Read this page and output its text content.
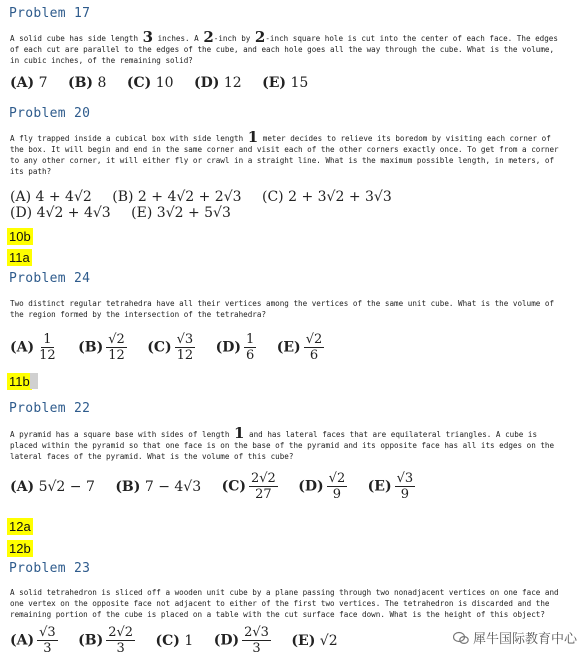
Problem 17
A solid cube has side length 3 inches. A 2-inch by 2-inch square hole is cut into the center of each face. The edges of each cut are parallel to the edges of the cube, and each hole goes all the way through the cube. What is the volume, in cubic inches, of the remaining solid?
(A) 7 (B) 8 (C) 10 (D) 12 (E) 15
Problem 20
A fly trapped inside a cubical box with side length 1 meter decides to relieve its boredom by visiting each corner of the box. It will begin and end in the same corner and visit each of the other corners exactly once. To get from a corner to any other corner, it will either fly or crawl in a straight line. What is the maximum possible length, in meters, of its path?
(A) 4 + 4√2 (B) 2 + 4√2 + 2√3 (C) 2 + 3√2 + 3√3
(D) 4√2 + 4√3 (E) 3√2 + 5√3
10b
11a
Problem 24
Two distinct regular tetrahedra have all their vertices among the vertices of the same unit cube. What is the volume of the region formed by the intersection of the tetrahedra?
$(A) \frac{1}{12} (B) \frac{√2}{12} (C) \frac{√3}{12} (D) \frac{1}{6} (E) \frac{√2}{6}$
11b
Problem 22
A pyramid has a square base with sides of length 1 and has lateral faces that are equilateral triangles. A cube is placed within the pyramid so that one face is on the base of the pyramid and its opposite face has all its edges on the lateral faces of the pyramid. What is the volume of this cube?
(A) 5√2 − 7 (B) 7 − 4√3 $(C) \frac{2√2}{27} (D) \frac{√2}{9} (E) \frac{√3}{9}$
12a
12b
Problem 23
A solid tetrahedron is sliced off a wooden unit cube by a plane passing through two nonadjacent vertices on one face and one vertex on the opposite face not adjacent to either of the first two vertices. The tetrahedron is discarded and the remaining portion of the cube is placed on a table with the cut surface face down. What is the height of this object?
$(A) \frac{√3}{3} (B) \frac{2√2}{3} (C)$ 1 $(D) \frac{2√3}{3} (E)$ √2	犀牛国际教育中心
